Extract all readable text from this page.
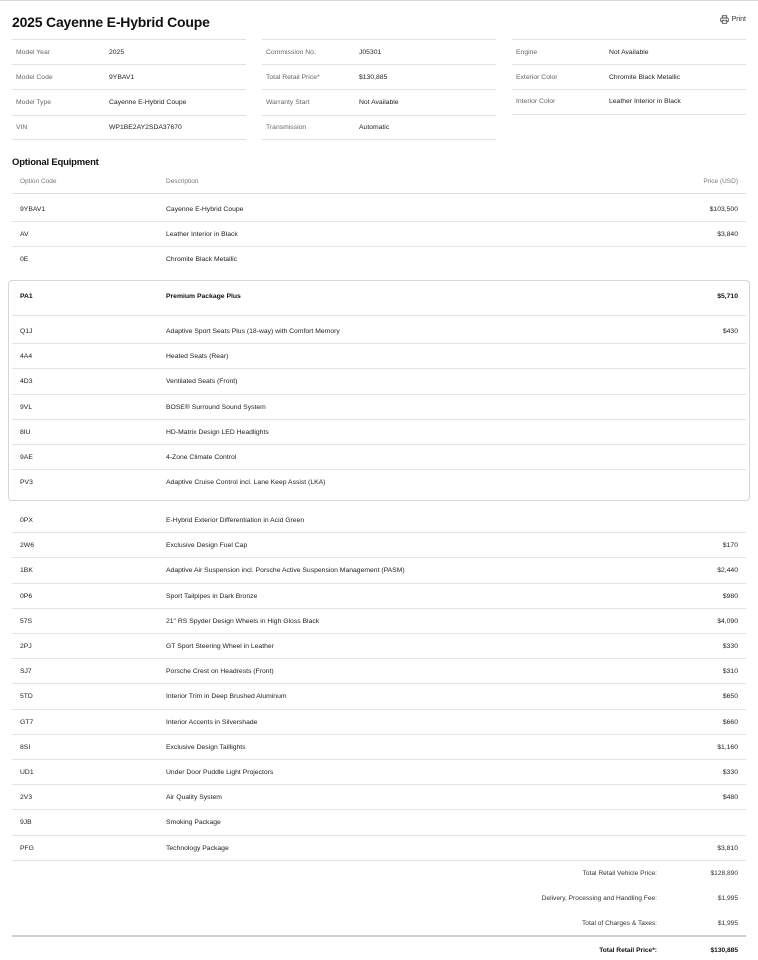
2025 Cayenne E-Hybrid Coupe	Print
Model Year	2025
Model Code	9YBAV1
Model Type	Cayenne E-Hybrid Coupe
VIN	WP1BE2AY2SDA37670
Commission No.	J05301
Total Retail Price*	$130,885
Warranty Start	Not Available
Transmission	Automatic
Engine	Not Available
Exterior Color	Chromite Black Metallic
Interior Color	Leather Interior in Black
Optional Equipment
Option Code	Description	Price (USD)
9YBAV1	Cayenne E-Hybrid Coupe	$103,500
AV	Leather Interior in Black	$3,840
0E	Chromite Black Metallic
PA1	Premium Package Plus	$5,710
Q1J	Adaptive Sport Seats Plus (18-way) with Comfort Memory	$430
4A4	Heated Seats (Rear)
4D3	Ventilated Seats (Front)
9VL	BOSE® Surround Sound System
8IU	HD-Matrix Design LED Headlights
9AE	4-Zone Climate Control
PV3	Adaptive Cruise Control incl. Lane Keep Assist (LKA)
0PX	E-Hybrid Exterior Differentiation in Acid Green
2W6	Exclusive Design Fuel Cap	$170
1BK	Adaptive Air Suspension incl. Porsche Active Suspension Management (PASM)	$2,440
0P6	Sport Tailpipes in Dark Bronze	$980
57S	21" RS Spyder Design Wheels in High Gloss Black	$4,090
2PJ	GT Sport Steering Wheel in Leather	$330
SJ7	Porsche Crest on Headrests (Front)	$310
5TD	Interior Trim in Deep Brushed Aluminum	$650
GT7	Interior Accents in Silvershade	$660
8SI	Exclusive Design Taillights	$1,160
UD1	Under Door Puddle Light Projectors	$330
2V3	Air Quality System	$480
9JB	Smoking Package
PFG	Technology Package	$3,810
Total Retail Vehicle Price:	$128,890
Delivery, Processing and Handling Fee:	$1,995
Total of Charges & Taxes:	$1,995
Total Retail Price*:	$130,885
